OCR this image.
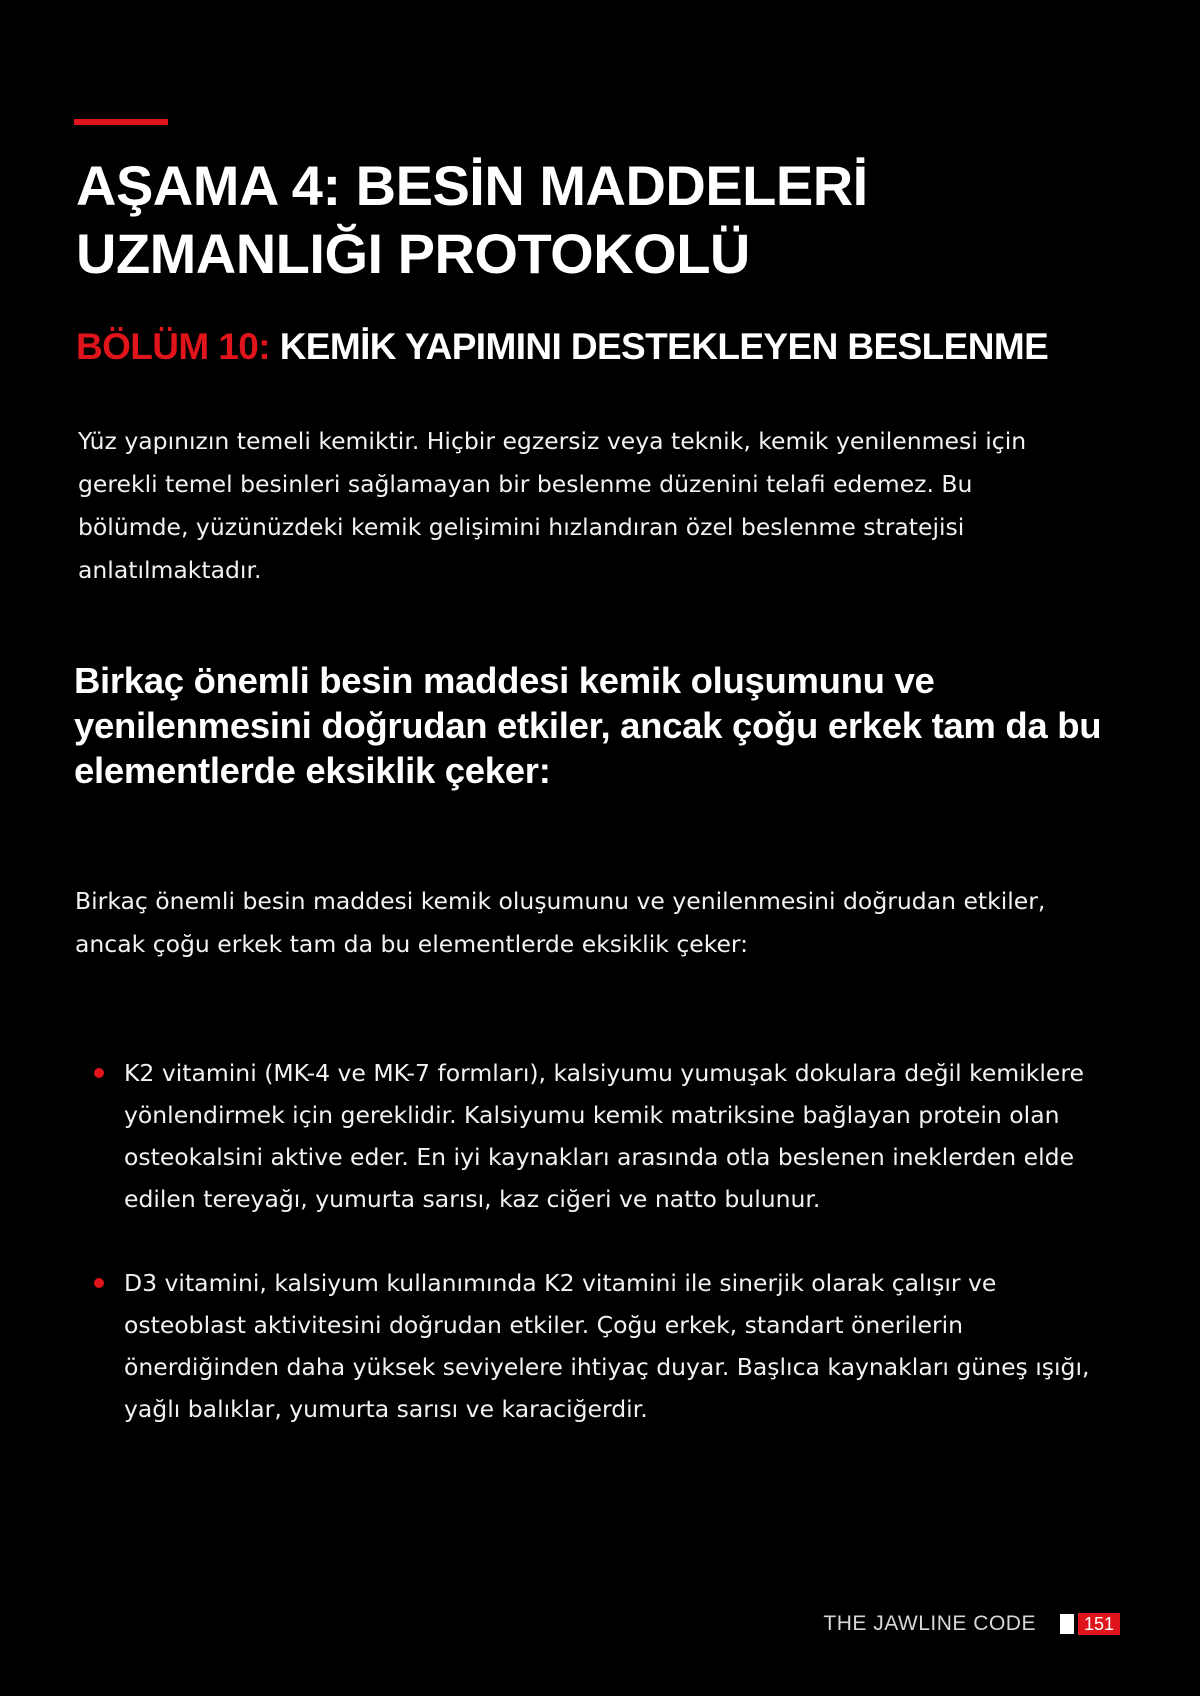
AŞAMA 4: BESİN MADDELERİ
UZMANLIĞI PROTOKOLÜ
BÖLÜM 10: KEMİK YAPIMINI DESTEKLEYEN BESLENME

Yüz yapınızın temeli kemiktir. Hiçbir egzersiz veya teknik, kemik yenilenmesi için gerekli temel besinleri sağlamayan bir beslenme düzenini telafi edemez. Bu bölümde, yüzünüzdeki kemik gelişimini hızlandıran özel beslenme stratejisi anlatılmaktadır.

Birkaç önemli besin maddesi kemik oluşumunu ve yenilenmesini doğrudan etkiler, ancak çoğu erkek tam da bu elementlerde eksiklik çeker:

Birkaç önemli besin maddesi kemik oluşumunu ve yenilenmesini doğrudan etkiler, ancak çoğu erkek tam da bu elementlerde eksiklik çeker:

K2 vitamini (MK-4 ve MK-7 formları), kalsiyumu yumuşak dokulara değil kemiklere yönlendirmek için gereklidir. Kalsiyumu kemik matriksine bağlayan protein olan osteokalsini aktive eder. En iyi kaynakları arasında otla beslenen ineklerden elde edilen tereyağı, yumurta sarısı, kaz ciğeri ve natto bulunur.
D3 vitamini, kalsiyum kullanımında K2 vitamini ile sinerjik olarak çalışır ve osteoblast aktivitesini doğrudan etkiler. Çoğu erkek, standart önerilerin önerdiğinden daha yüksek seviyelere ihtiyaç duyar. Başlıca kaynakları güneş ışığı, yağlı balıklar, yumurta sarısı ve karaciğerdir.
THE JAWLINE CODE	151
